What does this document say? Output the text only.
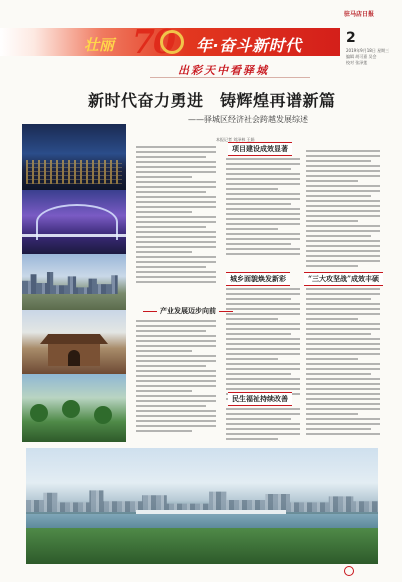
驻马店日报
壮丽 70 年·奋斗新时代	2
2019年9月18日 星期三
编辑 胡可嘉 吴会
校对 张泽莲
出彩天中看驿城
新时代奋力勇进　铸辉煌再谱新篇
——驿城区经济社会跨越发展综述
本报记者 刘泽林 王娟
项目建设成效显著
城乡面貌焕发新彩	“三大攻坚战”成效丰硕
产业发展迈步向前
民生福祉持续改善
